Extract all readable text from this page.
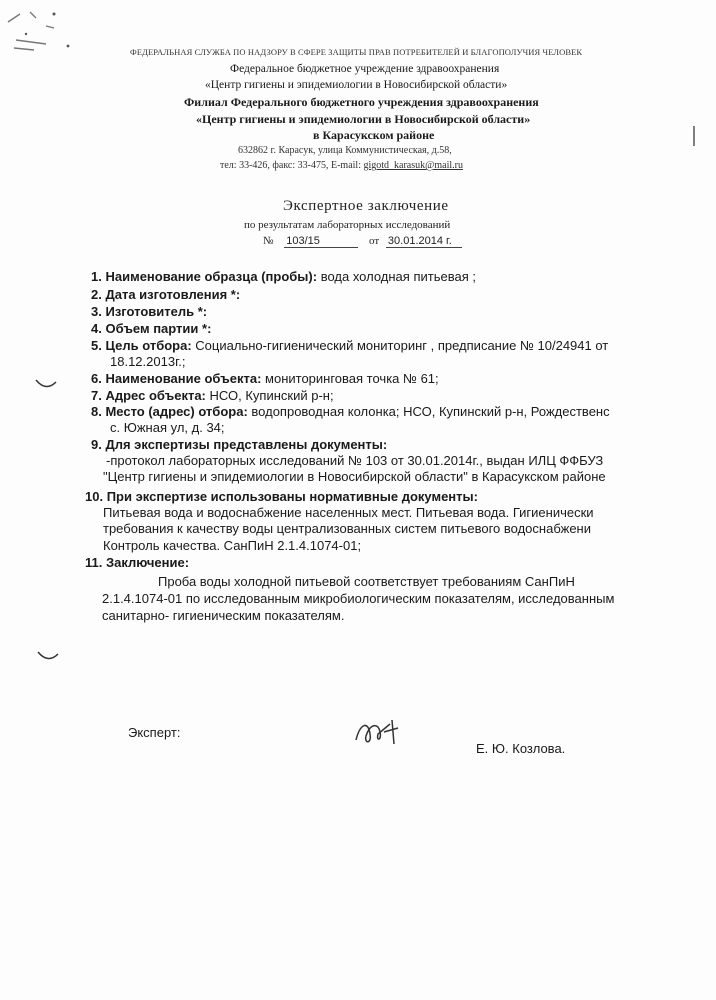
ФЕДЕРАЛЬНАЯ СЛУЖБА ПО НАДЗОРУ В СФЕРЕ ЗАЩИТЫ ПРАВ ПОТРЕБИТЕЛЕЙ И БЛАГОПОЛУЧИЯ ЧЕЛОВЕК
Федеральное бюджетное учреждение здравоохранения
«Центр гигиены и эпидемиологии в Новосибирской области»
Филиал Федерального бюджетного учреждения здравоохранения
«Центр гигиены и эпидемиологии в Новосибирской области»
в Карасукском районе
632862 г. Карасук, улица Коммунистическая, д.58,
тел: 33-426, факс: 33-475, E-mail: gigotd_karasuk@mail.ru
Экспертное заключение
по результатам лабораторных исследований
№ 103/15	от 30.01.2014 г.
1. Наименование образца (пробы): вода холодная питьевая ;
2. Дата изготовления *:
3. Изготовитель *:
4. Объем партии *:
5. Цель отбора: Социально-гигиенический мониторинг , предписание № 10/24941 от
18.12.2013г.;
6. Наименование объекта: мониторинговая точка № 61;
7. Адрес объекта: НСО, Купинский р-н;
8. Место (адрес) отбора: водопроводная колонка; НСО, Купинский р-н, Рождественс
с. Южная ул, д. 34;
9. Для экспертизы представлены документы:
-протокол лабораторных исследований № 103 от 30.01.2014г., выдан ИЛЦ ФФБУЗ
"Центр гигиены и эпидемиологии в Новосибирской области" в Карасукском районе
10. При экспертизе использованы нормативные документы:
Питьевая вода и водоснабжение населенных мест. Питьевая вода. Гигиенически
требования к качеству воды централизованных систем питьевого водоснабжени
Контроль качества. СанПиН 2.1.4.1074-01;
11. Заключение:
Проба воды холодной питьевой соответствует требованиям СанПиН
2.1.4.1074-01 по исследованным микробиологическим показателям, исследованным
санитарно- гигиеническим показателям.
Эксперт:
Е. Ю. Козлова.
